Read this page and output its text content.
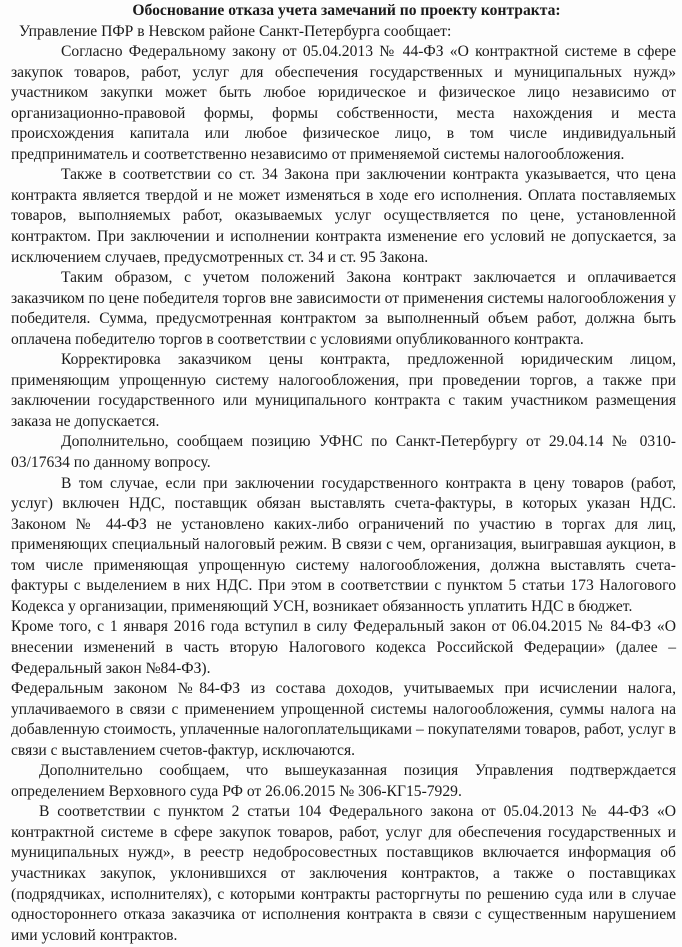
Обоснование отказа учета замечаний по проекту контракта:

Управление ПФР в Невском районе Санкт-Петербурга сообщает:

Согласно Федеральному закону от 05.04.2013 № 44-ФЗ «О контрактной системе в сфере закупок товаров, работ, услуг для обеспечения государственных и муниципальных нужд» участником закупки может быть любое юридическое и физическое лицо независимо от организационно-правовой формы, формы собственности, места нахождения и места происхождения капитала или любое физическое лицо, в том числе индивидуальный предприниматель и соответственно независимо от применяемой системы налогообложения.

Также в соответствии со ст. 34 Закона при заключении контракта указывается, что цена контракта является твердой и не может изменяться в ходе его исполнения. Оплата поставляемых товаров, выполняемых работ, оказываемых услуг осуществляется по цене, установленной контрактом. При заключении и исполнении контракта изменение его условий не допускается, за исключением случаев, предусмотренных ст. 34 и ст. 95 Закона.

Таким образом, с учетом положений Закона контракт заключается и оплачивается заказчиком по цене победителя торгов вне зависимости от применения системы налогообложения у победителя. Сумма, предусмотренная контрактом за выполненный объем работ, должна быть оплачена победителю торгов в соответствии с условиями опубликованного контракта.

Корректировка заказчиком цены контракта, предложенной юридическим лицом, применяющим упрощенную систему налогообложения, при проведении торгов, а также при заключении государственного или муниципального контракта с таким участником размещения заказа не допускается.

Дополнительно, сообщаем позицию УФНС по Санкт-Петербургу от 29.04.14 № 0310-03/17634 по данному вопросу.

В том случае, если при заключении государственного контракта в цену товаров (работ, услуг) включен НДС, поставщик обязан выставлять счета-фактуры, в которых указан НДС. Законом № 44-ФЗ не установлено каких-либо ограничений по участию в торгах для лиц, применяющих специальный налоговый режим. В связи с чем, организация, выигравшая аукцион, в том числе применяющая упрощенную систему налогообложения, должна выставлять счета-фактуры с выделением в них НДС. При этом в соответствии с пунктом 5 статьи 173 Налогового Кодекса у организации, применяющий УСН, возникает обязанность уплатить НДС в бюджет.

Кроме того, с 1 января 2016 года вступил в силу Федеральный закон от 06.04.2015 № 84-ФЗ «О внесении изменений в часть вторую Налогового кодекса Российской Федерации» (далее – Федеральный закон №84-ФЗ).

Федеральным законом №84-ФЗ из состава доходов, учитываемых при исчислении налога, уплачиваемого в связи с применением упрощенной системы налогообложения, суммы налога на добавленную стоимость, уплаченные налогоплательщиками – покупателями товаров, работ, услуг в связи с выставлением счетов-фактур, исключаются.

Дополнительно сообщаем, что вышеуказанная позиция Управления подтверждается определением Верховного суда РФ от 26.06.2015 № 306-КГ15-7929.

В соответствии с пунктом 2 статьи 104 Федерального закона от 05.04.2013 № 44-ФЗ «О контрактной системе в сфере закупок товаров, работ, услуг для обеспечения государственных и муниципальных нужд», в реестр недобросовестных поставщиков включается информация об участниках закупок, уклонившихся от заключения контрактов, а также о поставщиках (подрядчиках, исполнителях), с которыми контракты расторгнуты по решению суда или в случае одностороннего отказа заказчика от исполнения контракта в связи с существенным нарушением ими условий контрактов.
